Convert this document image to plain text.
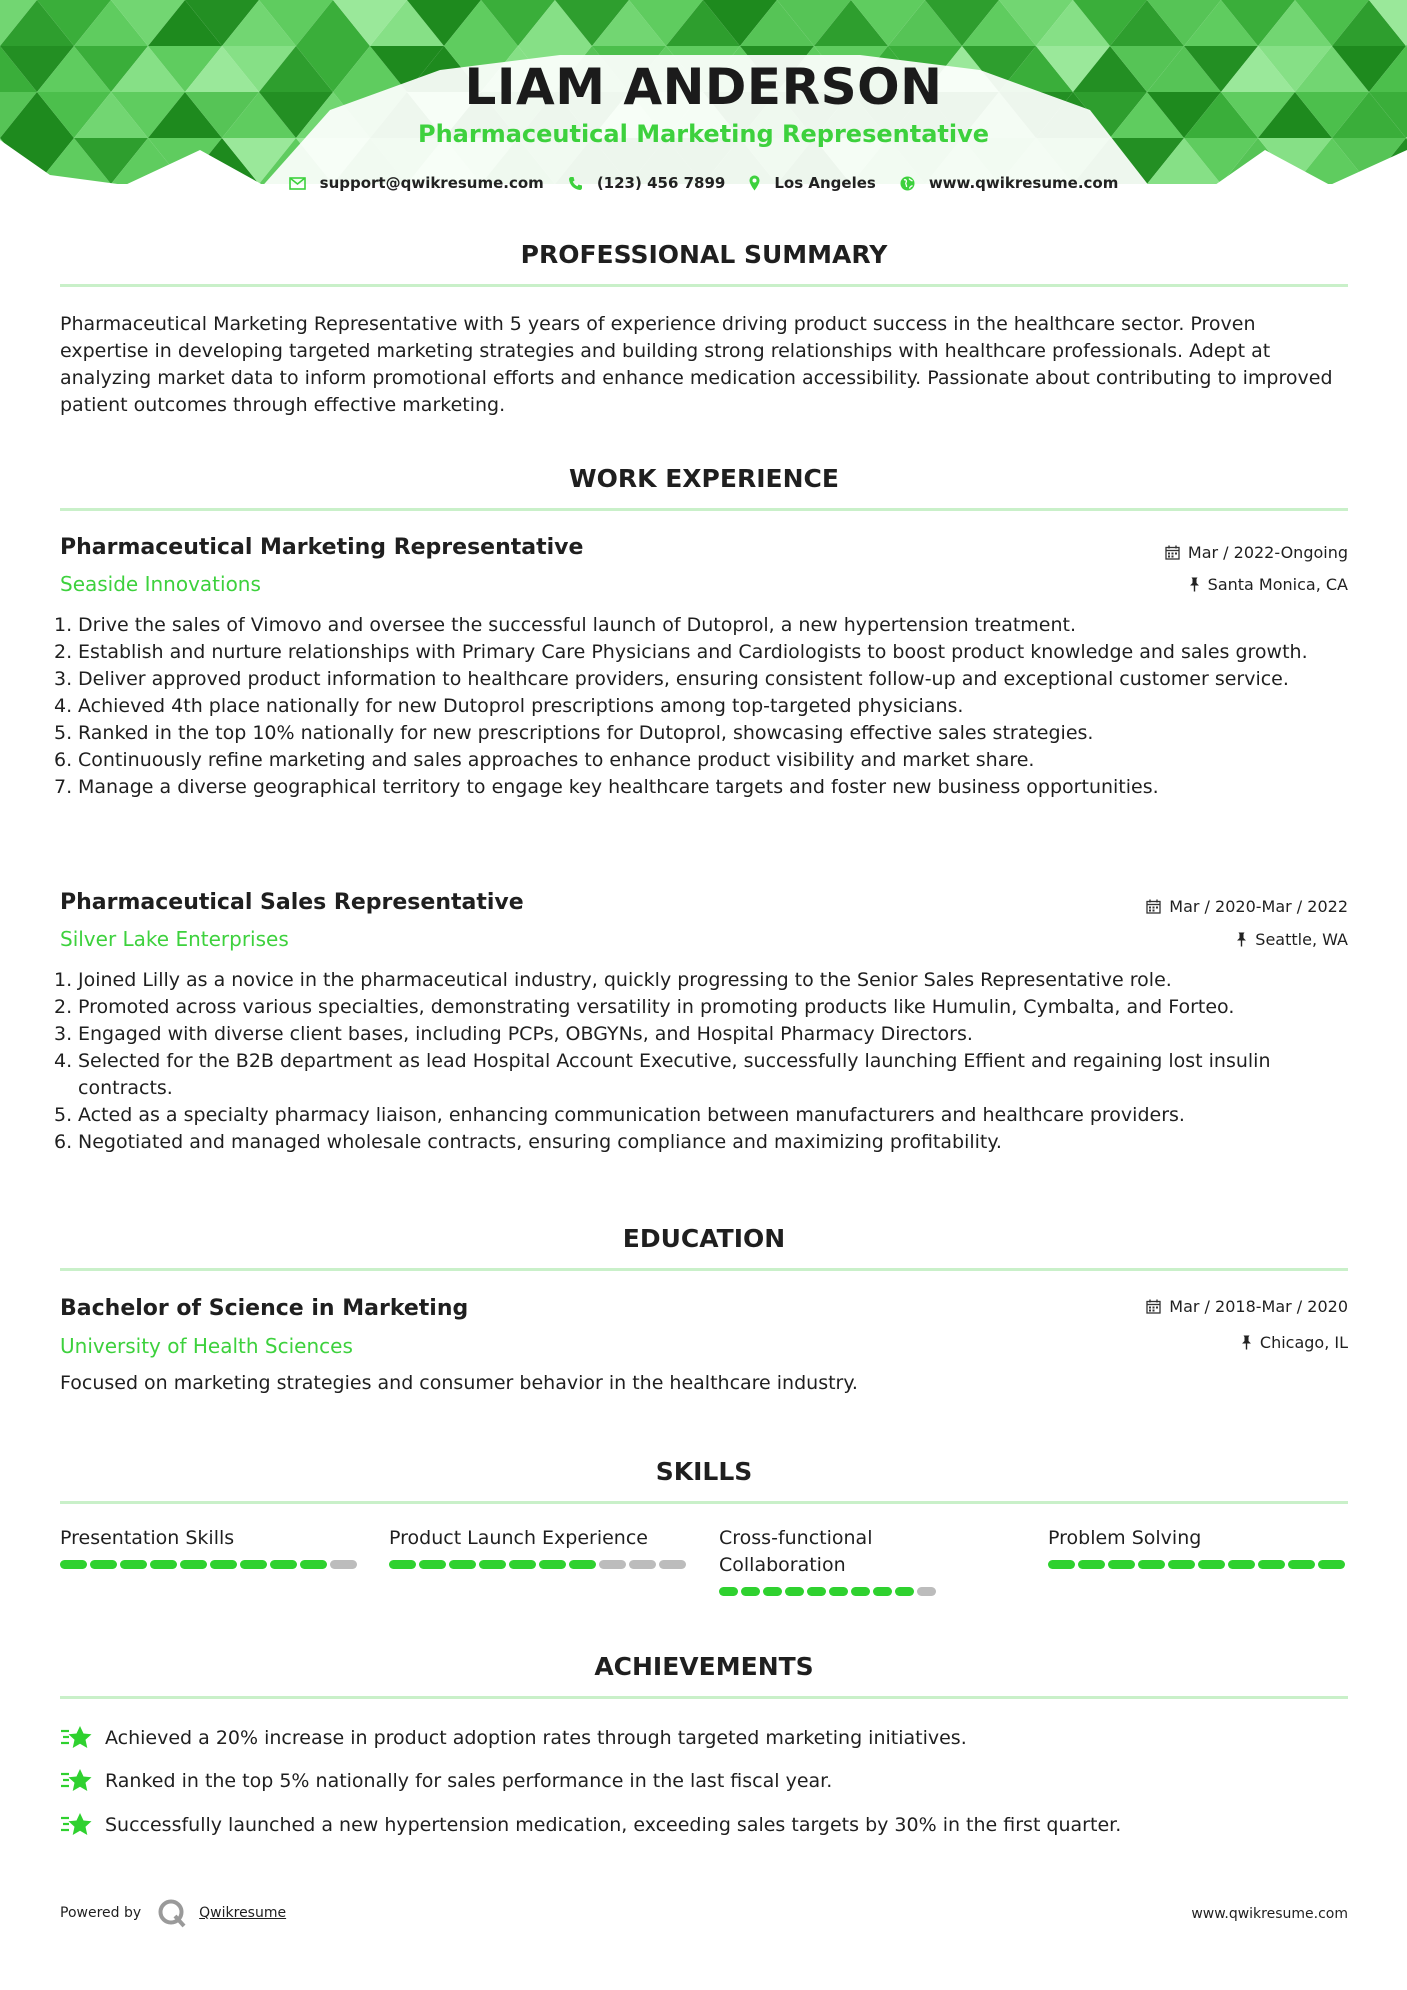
LIAM ANDERSON
Pharmaceutical Marketing Representative
support@qwikresume.com	(123) 456 7899	Los Angeles	www.qwikresume.com
PROFESSIONAL SUMMARY
Pharmaceutical Marketing Representative with 5 years of experience driving product success in the healthcare sector. Proven expertise in developing targeted marketing strategies and building strong relationships with healthcare professionals. Adept at analyzing market data to inform promotional efforts and enhance medication accessibility. Passionate about contributing to improved patient outcomes through effective marketing.
WORK EXPERIENCE
Pharmaceutical Marketing Representative	Mar / 2022-Ongoing
Seaside Innovations	Santa Monica, CA
1. Drive the sales of Vimovo and oversee the successful launch of Dutoprol, a new hypertension treatment.
2. Establish and nurture relationships with Primary Care Physicians and Cardiologists to boost product knowledge and sales growth.
3. Deliver approved product information to healthcare providers, ensuring consistent follow-up and exceptional customer service.
4. Achieved 4th place nationally for new Dutoprol prescriptions among top-targeted physicians.
5. Ranked in the top 10% nationally for new prescriptions for Dutoprol, showcasing effective sales strategies.
6. Continuously refine marketing and sales approaches to enhance product visibility and market share.
7. Manage a diverse geographical territory to engage key healthcare targets and foster new business opportunities.
Pharmaceutical Sales Representative	Mar / 2020-Mar / 2022
Silver Lake Enterprises	Seattle, WA
1. Joined Lilly as a novice in the pharmaceutical industry, quickly progressing to the Senior Sales Representative role.
2. Promoted across various specialties, demonstrating versatility in promoting products like Humulin, Cymbalta, and Forteo.
3. Engaged with diverse client bases, including PCPs, OBGYNs, and Hospital Pharmacy Directors.
4. Selected for the B2B department as lead Hospital Account Executive, successfully launching Effient and regaining lost insulin contracts.
5. Acted as a specialty pharmacy liaison, enhancing communication between manufacturers and healthcare providers.
6. Negotiated and managed wholesale contracts, ensuring compliance and maximizing profitability.
EDUCATION
Bachelor of Science in Marketing	Mar / 2018-Mar / 2020
University of Health Sciences	Chicago, IL
Focused on marketing strategies and consumer behavior in the healthcare industry.
SKILLS
Presentation Skills	Product Launch Experience	Cross-functional Collaboration
Problem Solving
ACHIEVEMENTS
Achieved a 20% increase in product adoption rates through targeted marketing initiatives.
Ranked in the top 5% nationally for sales performance in the last fiscal year.
Successfully launched a new hypertension medication, exceeding sales targets by 30% in the first quarter.
Powered by	Qwikresume	www.qwikresume.com
